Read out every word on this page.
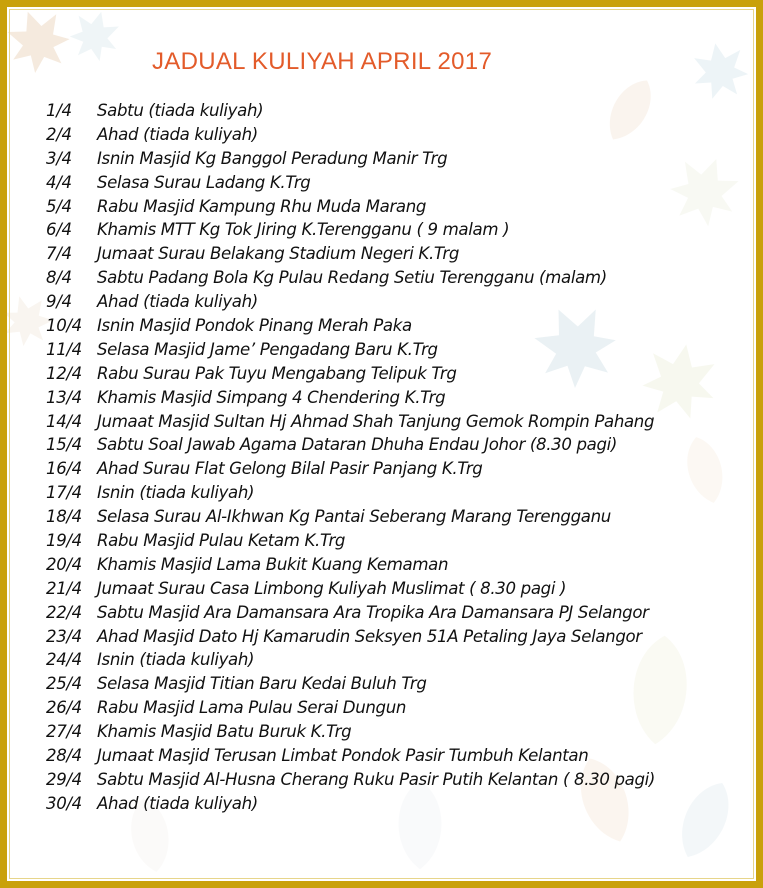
JADUAL KULIYAH APRIL 2017
1/4 Sabtu (tiada kuliyah)
2/4 Ahad (tiada kuliyah)
3/4 Isnin Masjid Kg Banggol Peradung Manir Trg
4/4 Selasa Surau Ladang K.Trg
5/4 Rabu Masjid Kampung Rhu Muda Marang
6/4 Khamis MTT Kg Tok Jiring K.Terengganu ( 9 malam )
7/4 Jumaat Surau Belakang Stadium Negeri K.Trg
8/4 Sabtu Padang Bola Kg Pulau Redang Setiu Terengganu (malam)
9/4 Ahad (tiada kuliyah)
10/4 Isnin Masjid Pondok Pinang Merah Paka
11/4 Selasa Masjid Jame’ Pengadang Baru K.Trg
12/4 Rabu Surau Pak Tuyu Mengabang Telipuk Trg
13/4 Khamis Masjid Simpang 4 Chendering K.Trg
14/4 Jumaat Masjid Sultan Hj Ahmad Shah Tanjung Gemok Rompin Pahang
15/4 Sabtu Soal Jawab Agama Dataran Dhuha Endau Johor (8.30 pagi)
16/4 Ahad Surau Flat Gelong Bilal Pasir Panjang K.Trg
17/4 Isnin (tiada kuliyah)
18/4 Selasa Surau Al-Ikhwan Kg Pantai Seberang Marang Terengganu
19/4 Rabu Masjid Pulau Ketam K.Trg
20/4 Khamis Masjid Lama Bukit Kuang Kemaman
21/4 Jumaat Surau Casa Limbong Kuliyah Muslimat ( 8.30 pagi )
22/4 Sabtu Masjid Ara Damansara Ara Tropika Ara Damansara PJ Selangor
23/4 Ahad Masjid Dato Hj Kamarudin Seksyen 51A Petaling Jaya Selangor
24/4 Isnin (tiada kuliyah)
25/4 Selasa Masjid Titian Baru Kedai Buluh Trg
26/4 Rabu Masjid Lama Pulau Serai Dungun
27/4 Khamis Masjid Batu Buruk K.Trg
28/4 Jumaat Masjid Terusan Limbat Pondok Pasir Tumbuh Kelantan
29/4 Sabtu Masjid Al-Husna Cherang Ruku Pasir Putih Kelantan ( 8.30 pagi)
30/4 Ahad (tiada kuliyah)
